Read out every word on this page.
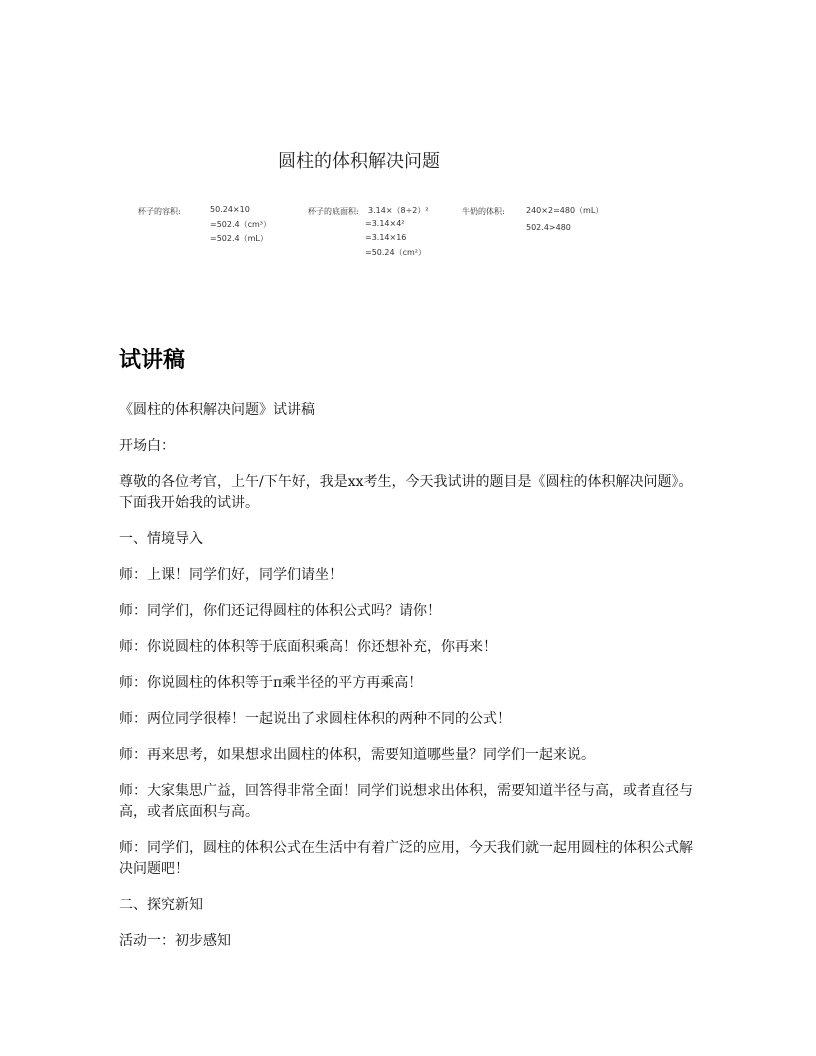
圆柱的体积解决问题
杯子的容积:	50.24×10
=502.4（cm³）
=502.4（mL）
杯子的底面积: 3.14×（8÷2）²
=3.14×4²
=3.14×16
=50.24（cm²）
牛奶的体积:	240×2=480（mL）
502.4>480
试讲稿

《圆柱的体积解决问题》试讲稿

开场白：

尊敬的各位考官，上午/下午好，我是xx考生，今天我试讲的题目是《圆柱的体积解决问题》。下面我开始我的试讲。

一、情境导入

师：上课！同学们好，同学们请坐！

师：同学们，你们还记得圆柱的体积公式吗？请你！

师：你说圆柱的体积等于底面积乘高！你还想补充，你再来！

师：你说圆柱的体积等于π乘半径的平方再乘高！

师：两位同学很棒！一起说出了求圆柱体积的两种不同的公式！

师：再来思考，如果想求出圆柱的体积，需要知道哪些量？同学们一起来说。

师：大家集思广益，回答得非常全面！同学们说想求出体积，需要知道半径与高，或者直径与高，或者底面积与高。

师：同学们，圆柱的体积公式在生活中有着广泛的应用，今天我们就一起用圆柱的体积公式解决问题吧！

二、探究新知

活动一：初步感知
